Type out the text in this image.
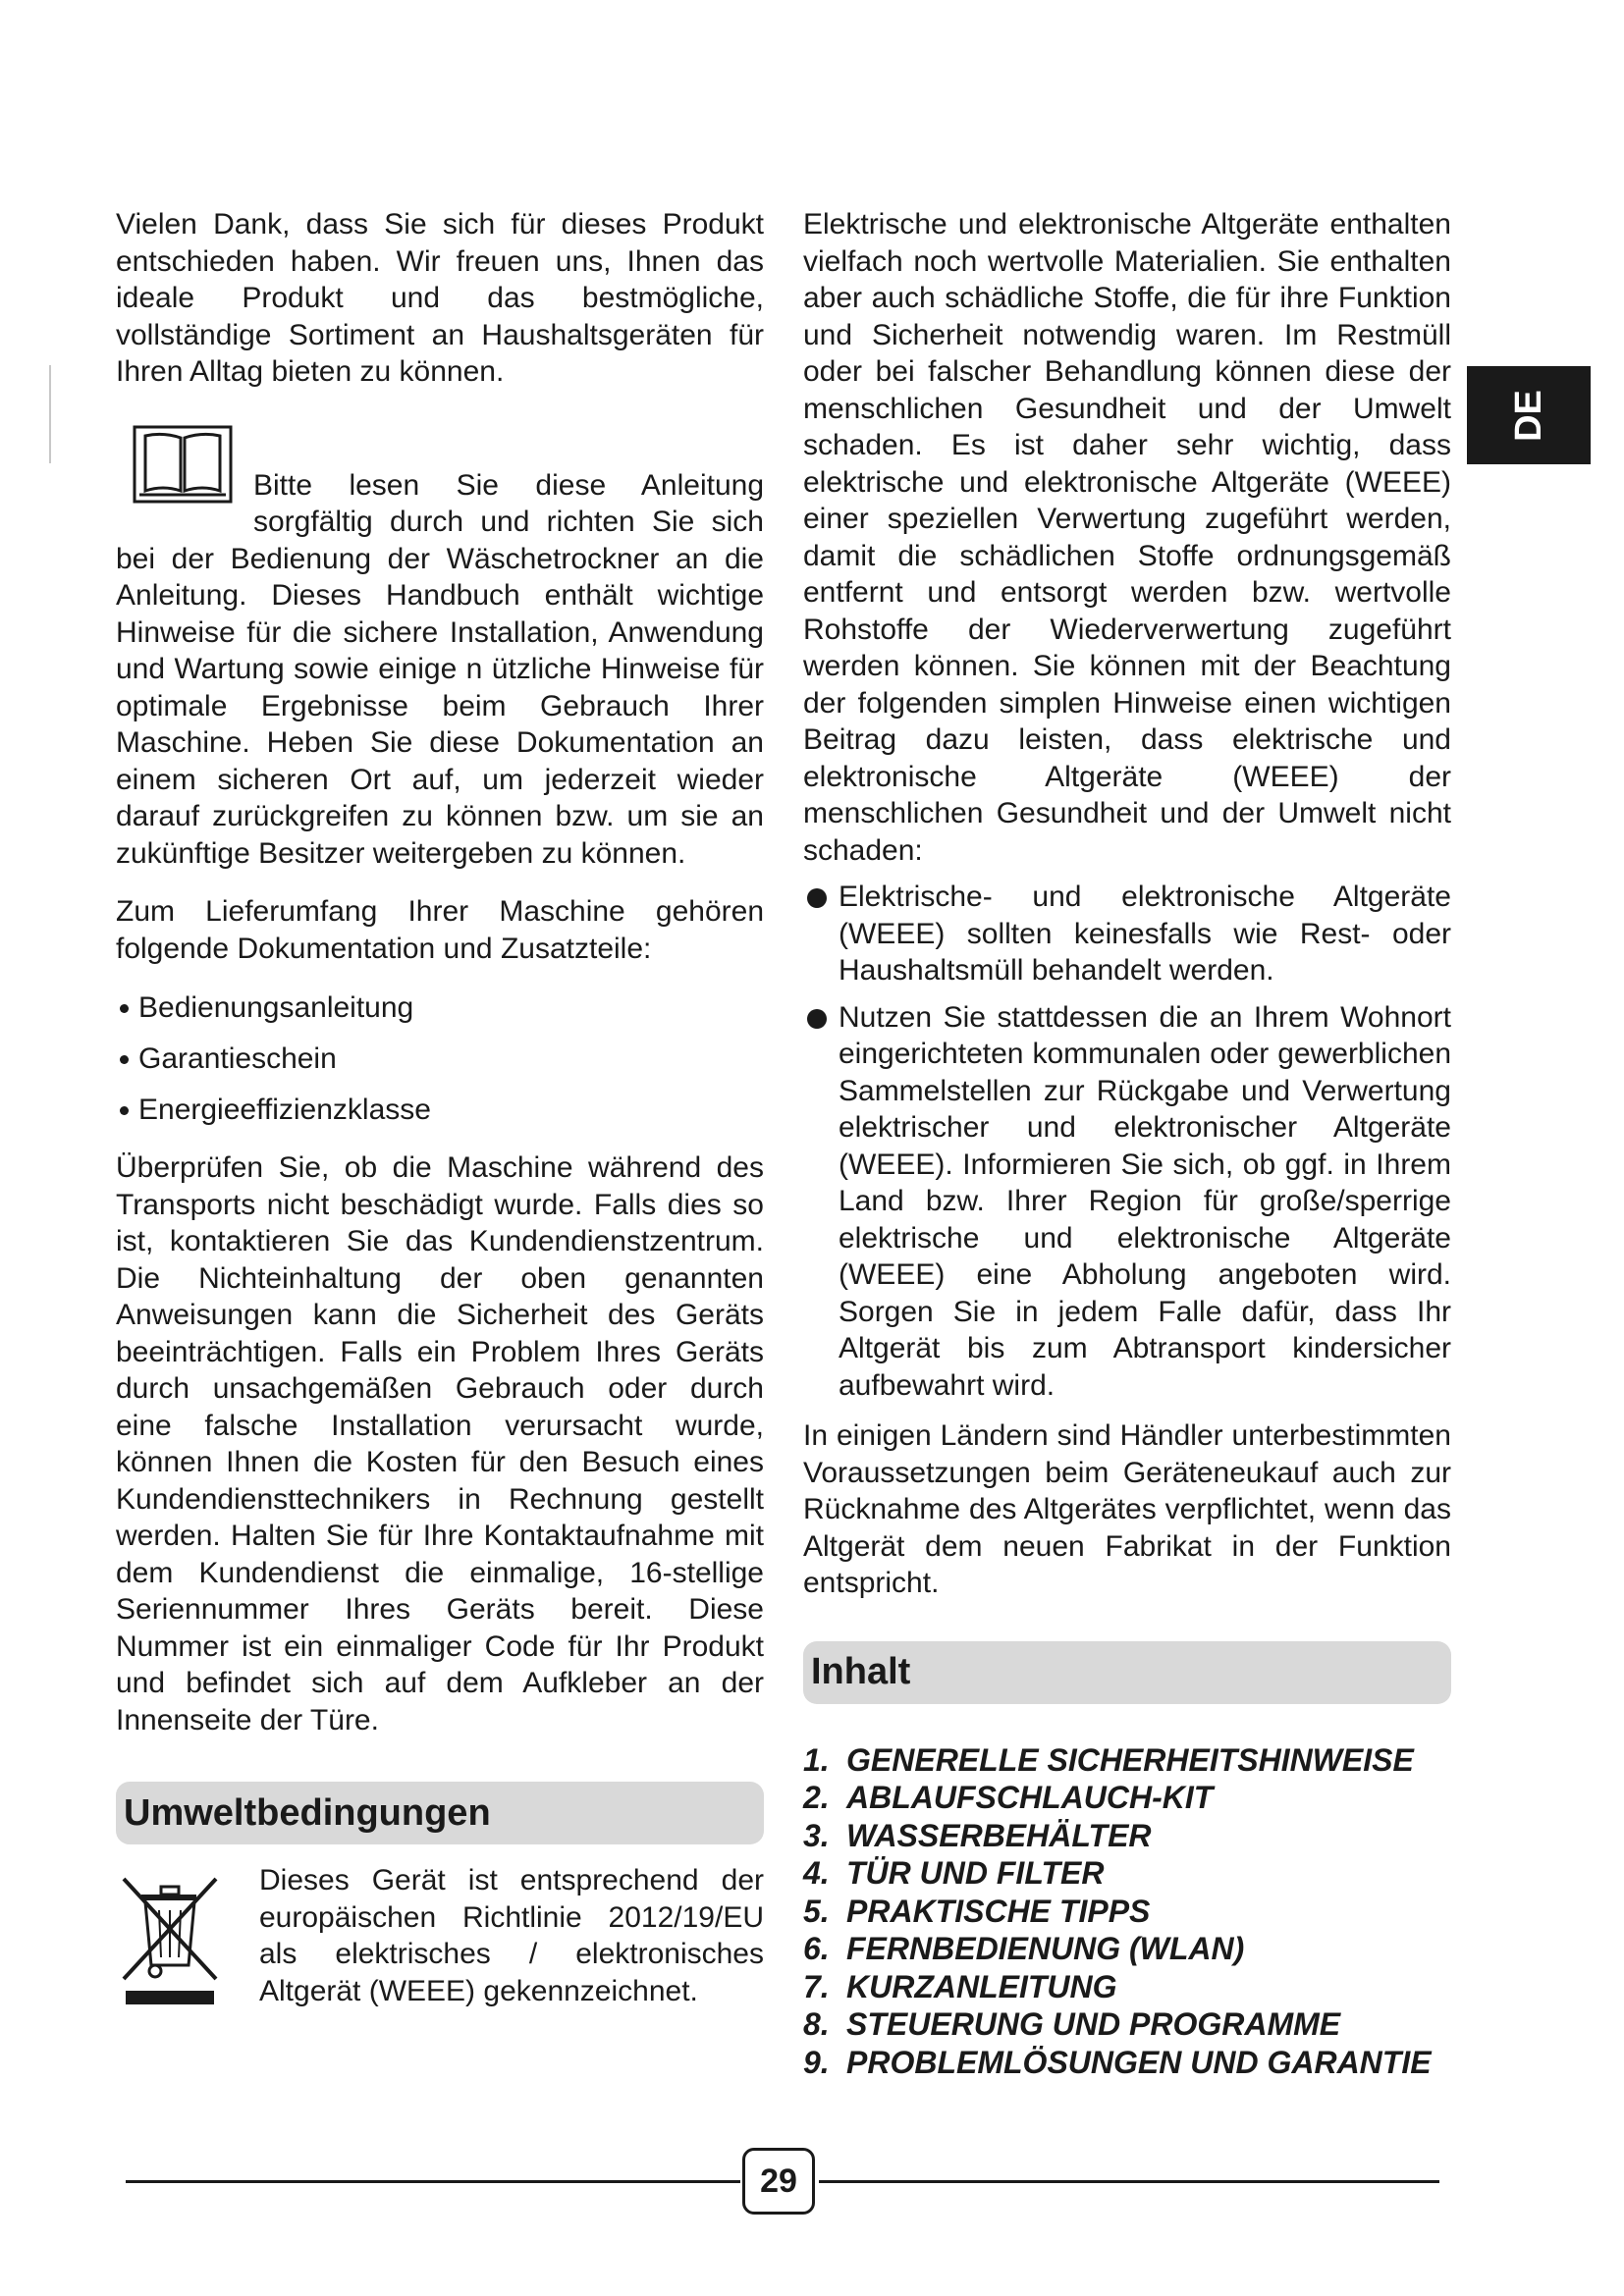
DE

Vielen Dank, dass Sie sich für dieses Produkt entschieden haben. Wir freuen uns, Ihnen das ideale Produkt und das bestmögliche, vollständige Sortiment an Haushaltsgeräten für Ihren Alltag bieten zu können.

Bitte lesen Sie diese Anleitung sorgfältig durch und richten Sie sich bei der Bedienung der Wäschetrockner an die Anleitung. Dieses Handbuch enthält wichtige Hinweise für die sichere Installation, Anwendung und Wartung sowie einige n ützliche Hinweise für optimale Ergebnisse beim Gebrauch Ihrer Maschine. Heben Sie diese Dokumentation an einem sicheren Ort auf, um jederzeit wieder darauf zurückgreifen zu können bzw. um sie an zukünftige Besitzer weitergeben zu können.

Zum Lieferumfang Ihrer Maschine gehören folgende Dokumentation und Zusatzteile:

Bedienungsanleitung
Garantieschein
Energieeffizienzklasse

Überprüfen Sie, ob die Maschine während des Transports nicht beschädigt wurde. Falls dies so ist, kontaktieren Sie das Kundendienstzentrum. Die Nichteinhaltung der oben genannten Anweisungen kann die Sicherheit des Geräts beeinträchtigen. Falls ein Problem Ihres Geräts durch unsachgemäßen Gebrauch oder durch eine falsche Installation verursacht wurde, können Ihnen die Kosten für den Besuch eines Kundendiensttechnikers in Rechnung gestellt werden. Halten Sie für Ihre Kontaktaufnahme mit dem Kundendienst die einmalige, 16-stellige Seriennummer Ihres Geräts bereit. Diese Nummer ist ein einmaliger Code für Ihr Produkt und befindet sich auf dem Aufkleber an der Innenseite der Türe.

Umweltbedingungen

Dieses Gerät ist entsprechend der europäischen Richtlinie 2012/19/EU als elektrisches / elektronisches Altgerät (WEEE) gekennzeichnet.

Elektrische und elektronische Altgeräte enthalten vielfach noch wertvolle Materialien. Sie enthalten aber auch schädliche Stoffe, die für ihre Funktion und Sicherheit notwendig waren. Im Restmüll oder bei falscher Behandlung können diese der menschlichen Gesundheit und der Umwelt schaden. Es ist daher sehr wichtig, dass elektrische und elektronische Altgeräte (WEEE) einer speziellen Verwertung zugeführt werden, damit die schädlichen Stoffe ordnungsgemäß entfernt und entsorgt werden bzw. wertvolle Rohstoffe der Wiederverwertung zugeführt werden können. Sie können mit der Beachtung der folgenden simplen Hinweise einen wichtigen Beitrag dazu leisten, dass elektrische und elektronische Altgeräte (WEEE) der menschlichen Gesundheit und der Umwelt nicht schaden:

Elektrische- und elektronische Altgeräte (WEEE) sollten keinesfalls wie Rest- oder Haushaltsmüll behandelt werden.

Nutzen Sie stattdessen die an Ihrem Wohnort eingerichteten kommunalen oder gewerblichen Sammelstellen zur Rückgabe und Verwertung elektrischer und elektronischer Altgeräte (WEEE). Informieren Sie sich, ob ggf. in Ihrem Land bzw. Ihrer Region für große/sperrige elektrische und elektronische Altgeräte (WEEE) eine Abholung angeboten wird. Sorgen Sie in jedem Falle dafür, dass Ihr Altgerät bis zum Abtransport kindersicher aufbewahrt wird.

In einigen Ländern sind Händler unterbestimmten Voraussetzungen beim Geräteneukauf auch zur Rücknahme des Altgerätes verpflichtet, wenn das Altgerät dem neuen Fabrikat in der Funktion entspricht.

Inhalt
1. GENERELLE SICHERHEITSHINWEISE
2. ABLAUFSCHLAUCH-KIT
3. WASSERBEHÄLTER
4. TÜR UND FILTER
5. PRAKTISCHE TIPPS
6. FERNBEDIENUNG (WLAN)
7. KURZANLEITUNG
8. STEUERUNG UND PROGRAMME
9. PROBLEMLÖSUNGEN UND GARANTIE
29
